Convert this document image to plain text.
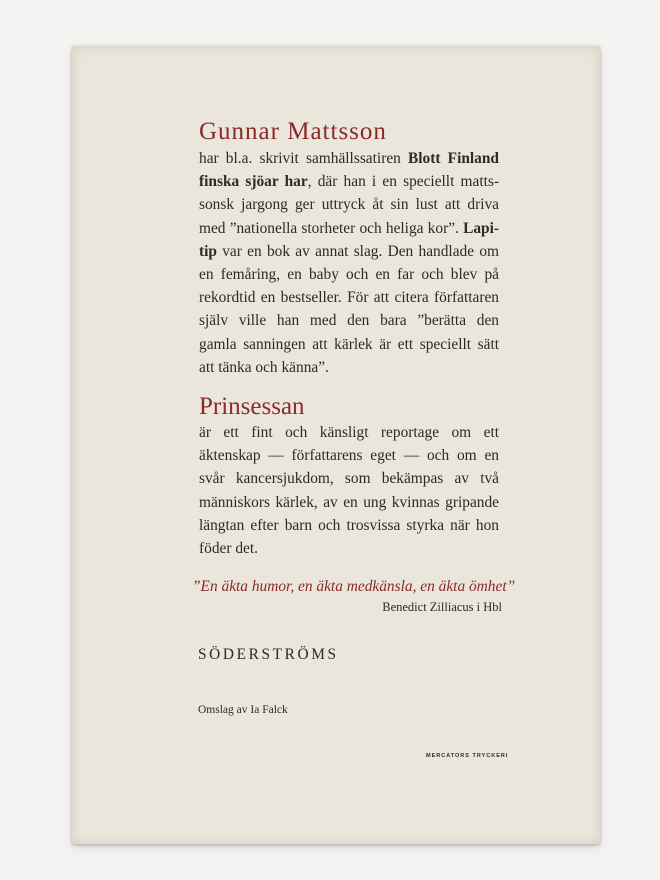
Gunnar Mattsson
har bl.a. skrivit samhällssatiren Blott Finland
finska sjöar har, där han i en speciellt matts-
sonsk jargong ger uttryck åt sin lust att driva
med ”nationella storheter och heliga kor”. Lapi-
tip var en bok av annat slag. Den handlade om
en femåring, en baby och en far och blev på
rekordtid en bestseller. För att citera författaren
själv ville han med den bara ”berätta den
gamla sanningen att kärlek är ett speciellt sätt
att tänka och känna”.
Prinsessan
är ett fint och känsligt reportage om ett
äktenskap — författarens eget — och om en
svår kancersjukdom, som bekämpas av två
människors kärlek, av en ung kvinnas gripande
längtan efter barn och trosvissa styrka när hon
föder det.
”En äkta humor, en äkta medkänsla, en äkta ömhet”
Benedict Zilliacus i Hbl
SÖDERSTRÖMS
Omslag av Ia Falck
MERCATORS TRYCKERI
